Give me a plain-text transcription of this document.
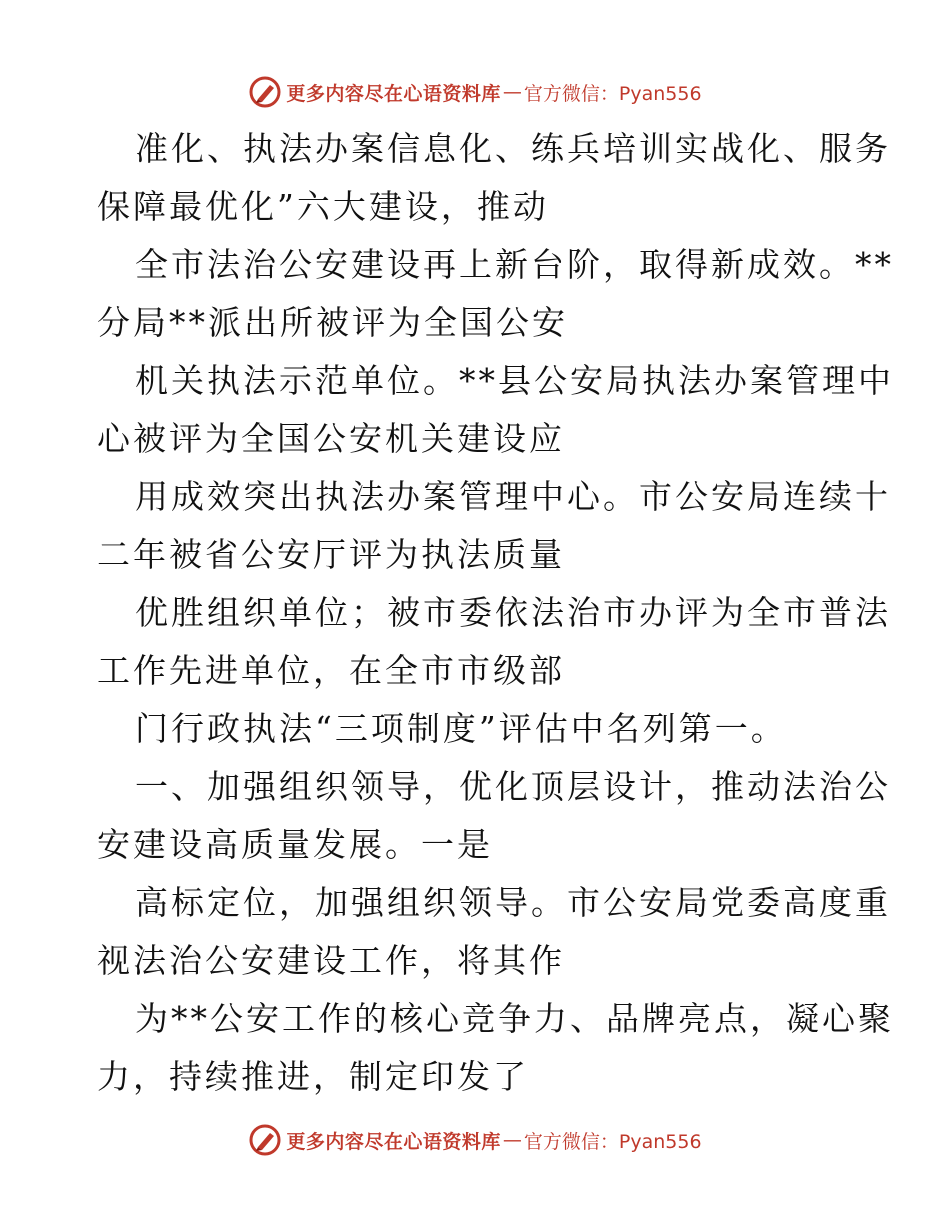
更多内容尽在心语资料库 — 官方微信：Pyan556
准化、执法办案信息化、练兵培训实战化、服务
保障最优化”六大建设，推动
全市法治公安建设再上新台阶，取得新成效。**
分局**派出所被评为全国公安
机关执法示范单位。**县公安局执法办案管理中
心被评为全国公安机关建设应
用成效突出执法办案管理中心。市公安局连续十
二年被省公安厅评为执法质量
优胜组织单位；被市委依法治市办评为全市普法
工作先进单位，在全市市级部
门行政执法“三项制度”评估中名列第一。
一、加强组织领导，优化顶层设计，推动法治公
安建设高质量发展。一是
高标定位，加强组织领导。市公安局党委高度重
视法治公安建设工作，将其作
为**公安工作的核心竞争力、品牌亮点，凝心聚
力，持续推进，制定印发了
更多内容尽在心语资料库 — 官方微信：Pyan556
